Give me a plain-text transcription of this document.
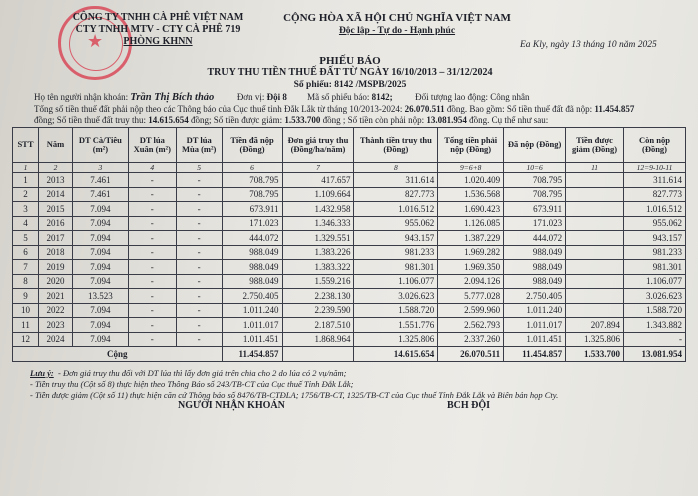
★
CÔNG TY TNHH CÀ PHÊ VIỆT NAM
CTY TNHH MTV - CTY CÀ PHÊ 719
PHÒNG KHNN
CỘNG HÒA XÃ HỘI CHỦ NGHĨA VIỆT NAM
Độc lập - Tự do - Hạnh phúc
Ea Kly, ngày 13 tháng 10 năm 2025
PHIẾU BÁO
TRUY THU TIỀN THUẾ ĐẤT TỪ NGÀY 16/10/2013 – 31/12/2024
Số phiếu: 8142 /MSPB/2025
Họ tên người nhận khoán: Trần Thị Bích thảo	Đơn vị: Đội 8 Mã số phiếu báo: 8142;	Đối tượng lao động: Công nhân
Tổng số tiền thuế đất phải nộp theo các Thông báo của Cục thuế tỉnh Đắk Lắk từ tháng 10/2013-2024: 26.070.511 đồng. Bao gồm: Số tiền thuế đất đã nộp: 11.454.857
đồng; Số tiền thuế đất truy thu: 14.615.654 đồng; Số tiền được giảm: 1.533.700 đồng ; Số tiền còn phải nộp: 13.081.954 đồng. Cụ thể như sau:
STT	Năm	DT Cà/Tiêu (m²)	DT lúa Xuân (m²)	DT lúa Mùa (m²)	Tiền đã nộp (Đồng)	Đơn giá truy thu (Đồng/ha/năm)	Thành tiền truy thu (Đồng)	Tổng tiền phải nộp (Đồng)	Đã nộp (Đồng)	Tiền được giảm (Đồng)	Còn nộp (Đồng)
1	2	3	4	5	6	7	8	9=6+8	10=6	11	12=9-10-11
1	2013	7.461	-	-	708.795	417.657	311.614	1.020.409	708.795		311.614
2	2014	7.461	-	-	708.795	1.109.664	827.773	1.536.568	708.795		827.773
3	2015	7.094	-	-	673.911	1.432.958	1.016.512	1.690.423	673.911		1.016.512
4	2016	7.094	-	-	171.023	1.346.333	955.062	1.126.085	171.023		955.062
5	2017	7.094	-	-	444.072	1.329.551	943.157	1.387.229	444.072		943.157
6	2018	7.094	-	-	988.049	1.383.226	981.233	1.969.282	988.049		981.233
7	2019	7.094	-	-	988.049	1.383.322	981.301	1.969.350	988.049		981.301
8	2020	7.094	-	-	988.049	1.559.216	1.106.077	2.094.126	988.049		1.106.077
9	2021	13.523	-	-	2.750.405	2.238.130	3.026.623	5.777.028	2.750.405		3.026.623
10	2022	7.094	-	-	1.011.240	2.239.590	1.588.720	2.599.960	1.011.240		1.588.720
11	2023	7.094	-	-	1.011.017	2.187.510	1.551.776	2.562.793	1.011.017	207.894	1.343.882
12	2024	7.094	-	-	1.011.451	1.868.964	1.325.806	2.337.260	1.011.451	1.325.806	-
Cộng					11.454.857		14.615.654	26.070.511	11.454.857	1.533.700	13.081.954
Lưu ý: - Đơn giá truy thu đối với DT lúa thì lấy đơn giá trên chia cho 2 do lúa có 2 vụ/năm;
- Tiền truy thu (Cột số 8) thực hiện theo Thông Báo số 243/TB-CT của Cục thuế Tỉnh Đắk Lắk;
- Tiền được giảm (Cột số 11) thực hiện căn cứ Thông báo số 8476/TB-CTĐLA; 1756/TB-CT, 1325/TB-CT của Cục thuế Tỉnh Đắk Lắk và Biên bản họp Cty.
NGƯỜI NHẬN KHOÁN	BCH ĐỘI
